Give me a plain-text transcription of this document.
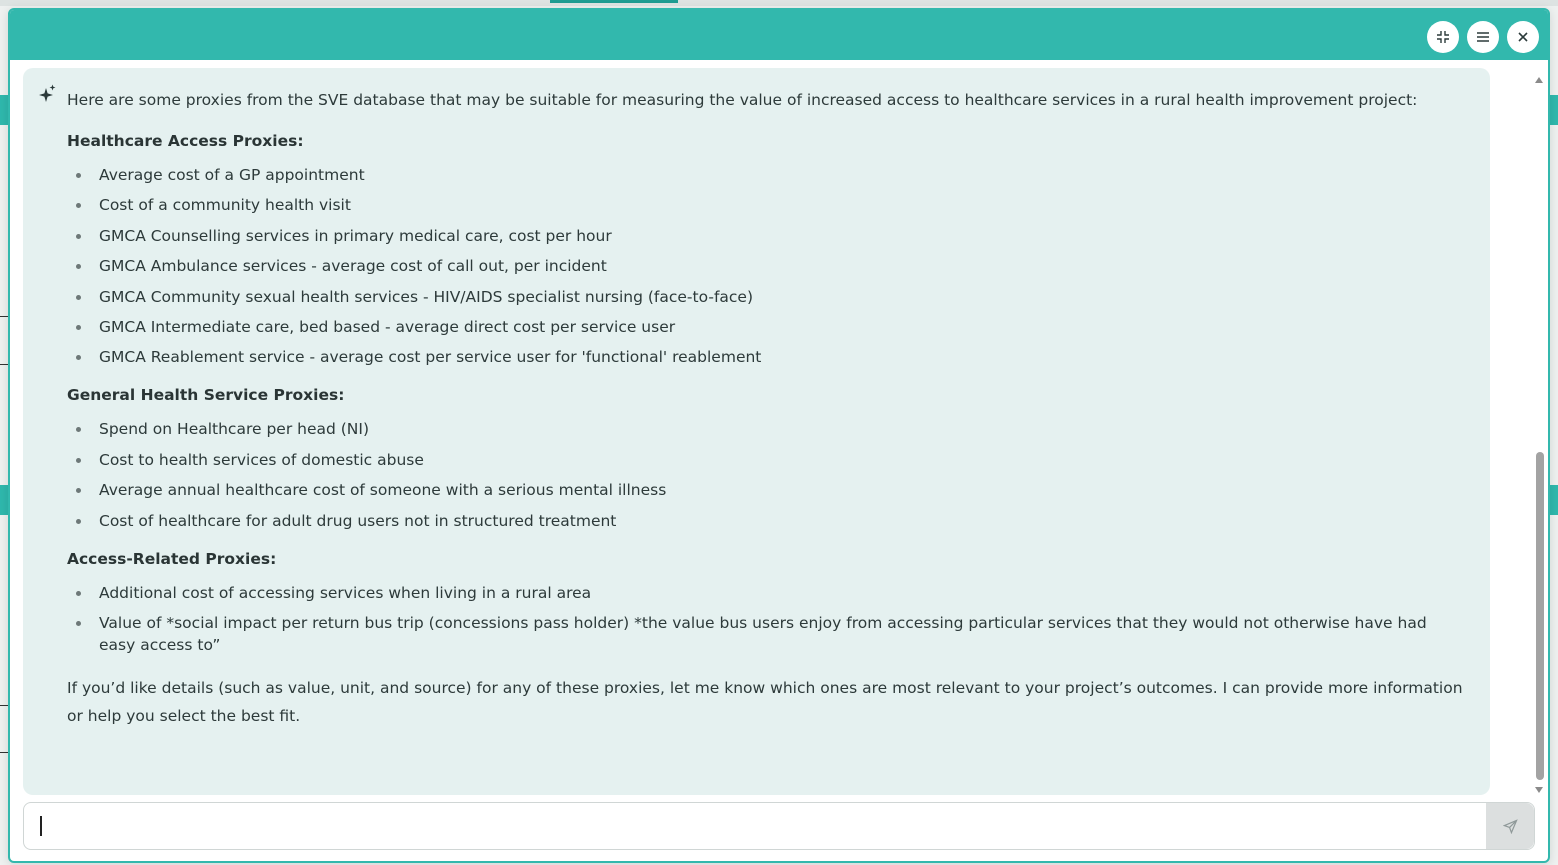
Here are some proxies from the SVE database that may be suitable for measuring the value of increased access to healthcare services in a rural health improvement project:

Healthcare Access Proxies:
Average cost of a GP appointment
Cost of a community health visit
GMCA Counselling services in primary medical care, cost per hour
GMCA Ambulance services - average cost of call out, per incident
GMCA Community sexual health services - HIV/AIDS specialist nursing (face-to-face)
GMCA Intermediate care, bed based - average direct cost per service user
GMCA Reablement service - average cost per service user for 'functional' reablement
General Health Service Proxies:
Spend on Healthcare per head (NI)
Cost to health services of domestic abuse
Average annual healthcare cost of someone with a serious mental illness
Cost of healthcare for adult drug users not in structured treatment
Access-Related Proxies:
Additional cost of accessing services when living in a rural area
Value of *social impact per return bus trip (concessions pass holder) *the value bus users enjoy from accessing particular services that they would not otherwise have had easy access to”

If you’d like details (such as value, unit, and source) for any of these proxies, let me know which ones are most relevant to your project’s outcomes. I can provide more information or help you select the best fit.
